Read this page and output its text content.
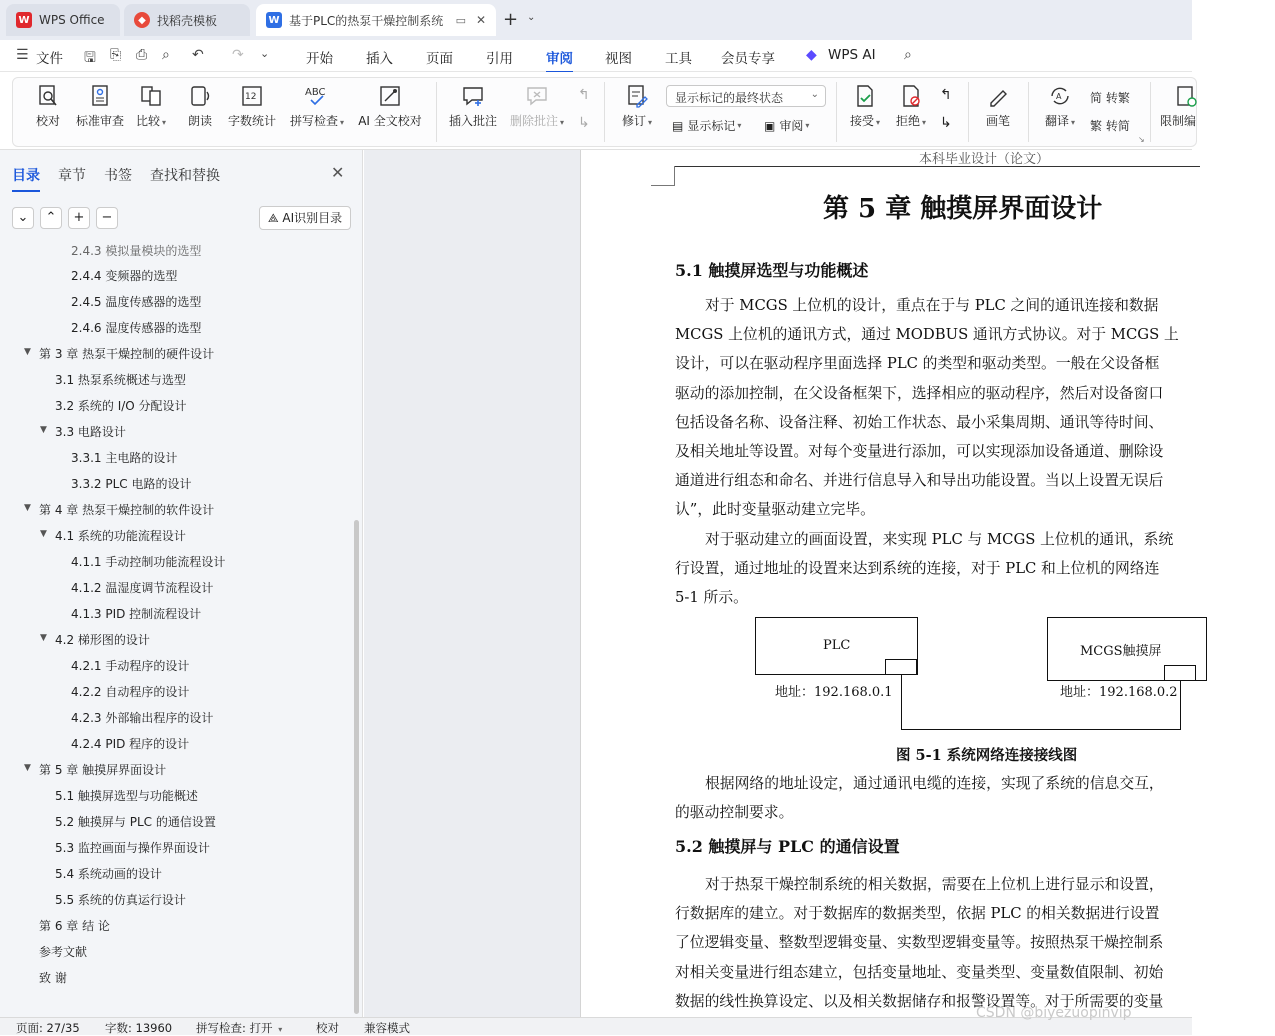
W WPS Office	◆ 找稻壳模板	W 基于PLC的热泵干燥控制系统	▭ ✕ + ⌄
☰ 文件 🖫 ⎘ ⎙ ⌕ ↶ ↷ ⌄	开始 插入 页面 引用 审阅 视图 工具 会员专享 ◆ WPS AI ⌕
校对	标准审查 比较 ▾ 朗读
12
字数统计
ABC
拼写检查 ▾	AI 全文校对 插入批注	删除批注 ▾
↰
↳	修订 ▾
显示标记的最终状态	⌄
▤ 显示标记 ▾ ▣ 审阅 ▾	接受 ▾	拒绝 ▾
↰
↳	画笔
A
翻译 ▾
简 转繁
繁 转简
↘
限制编
目录 章节 书签 查找和替换	✕
⌄	⌃	+	−	⟁ AI识别目录
2.4.3 模拟量模块的选型
2.4.4 变频器的选型
2.4.5 温度传感器的选型
2.4.6 湿度传感器的选型
▼ 第 3 章 热泵干燥控制的硬件设计
3.1 热泵系统概述与选型
3.2 系统的 I/O 分配设计
▼ 3.3 电路设计
3.3.1 主电路的设计
3.3.2 PLC 电路的设计
▼ 第 4 章 热泵干燥控制的软件设计
▼ 4.1 系统的功能流程设计
4.1.1 手动控制功能流程设计
4.1.2 温湿度调节流程设计
4.1.3 PID 控制流程设计
▼ 4.2 梯形图的设计
4.2.1 手动程序的设计
4.2.2 自动程序的设计
4.2.3 外部输出程序的设计
4.2.4 PID 程序的设计
▼ 第 5 章 触摸屏界面设计
5.1 触摸屏选型与功能概述
5.2 触摸屏与 PLC 的通信设置
5.3 监控画面与操作界面设计
5.4 系统动画的设计
5.5 系统的仿真运行设计
第 6 章 结 论
参考文献
致 谢
本科毕业设计（论文）
第 5 章 触摸屏界面设计
5.1 触摸屏选型与功能概述
对于 MCGS 上位机的设计，重点在于与 PLC 之间的通讯连接和数据
MCGS 上位机的通讯方式，通过 MODBUS 通讯方式协议。对于 MCGS 上
设计，可以在驱动程序里面选择 PLC 的类型和驱动类型。一般在父设备框
驱动的添加控制，在父设备框架下，选择相应的驱动程序，然后对设备窗口
包括设备名称、设备注释、初始工作状态、最小采集周期、通讯等待时间、
及相关地址等设置。对每个变量进行添加，可以实现添加设备通道、删除设
通道进行组态和命名、并进行信息导入和导出功能设置。当以上设置无误后
认”，此时变量驱动建立完毕。
对于驱动建立的画面设置，来实现 PLC 与 MCGS 上位机的通讯，系统
行设置，通过地址的设置来达到系统的连接，对于 PLC 和上位机的网络连
5-1 所示。
PLC	MCGS触摸屏
地址：192.168.0.1	地址：192.168.0.2
图 5-1 系统网络连接接线图
根据网络的地址设定，通过通讯电缆的连接，实现了系统的信息交互，
的驱动控制要求。
5.2 触摸屏与 PLC 的通信设置
对于热泵干燥控制系统的相关数据，需要在上位机上进行显示和设置，
行数据库的建立。对于数据库的数据类型，依据 PLC 的相关数据进行设置
了位逻辑变量、整数型逻辑变量、实数型逻辑变量等。按照热泵干燥控制系
对相关变量进行组态建立，包括变量地址、变量类型、变量数值限制、初始
数据的线性换算设定、以及相关数据储存和报警设置等。对于所需要的变量
页面: 27/35 字数: 13960 拼写检查: 打开 ▾	校对 兼容模式
CSDN @biyezuopinvip
